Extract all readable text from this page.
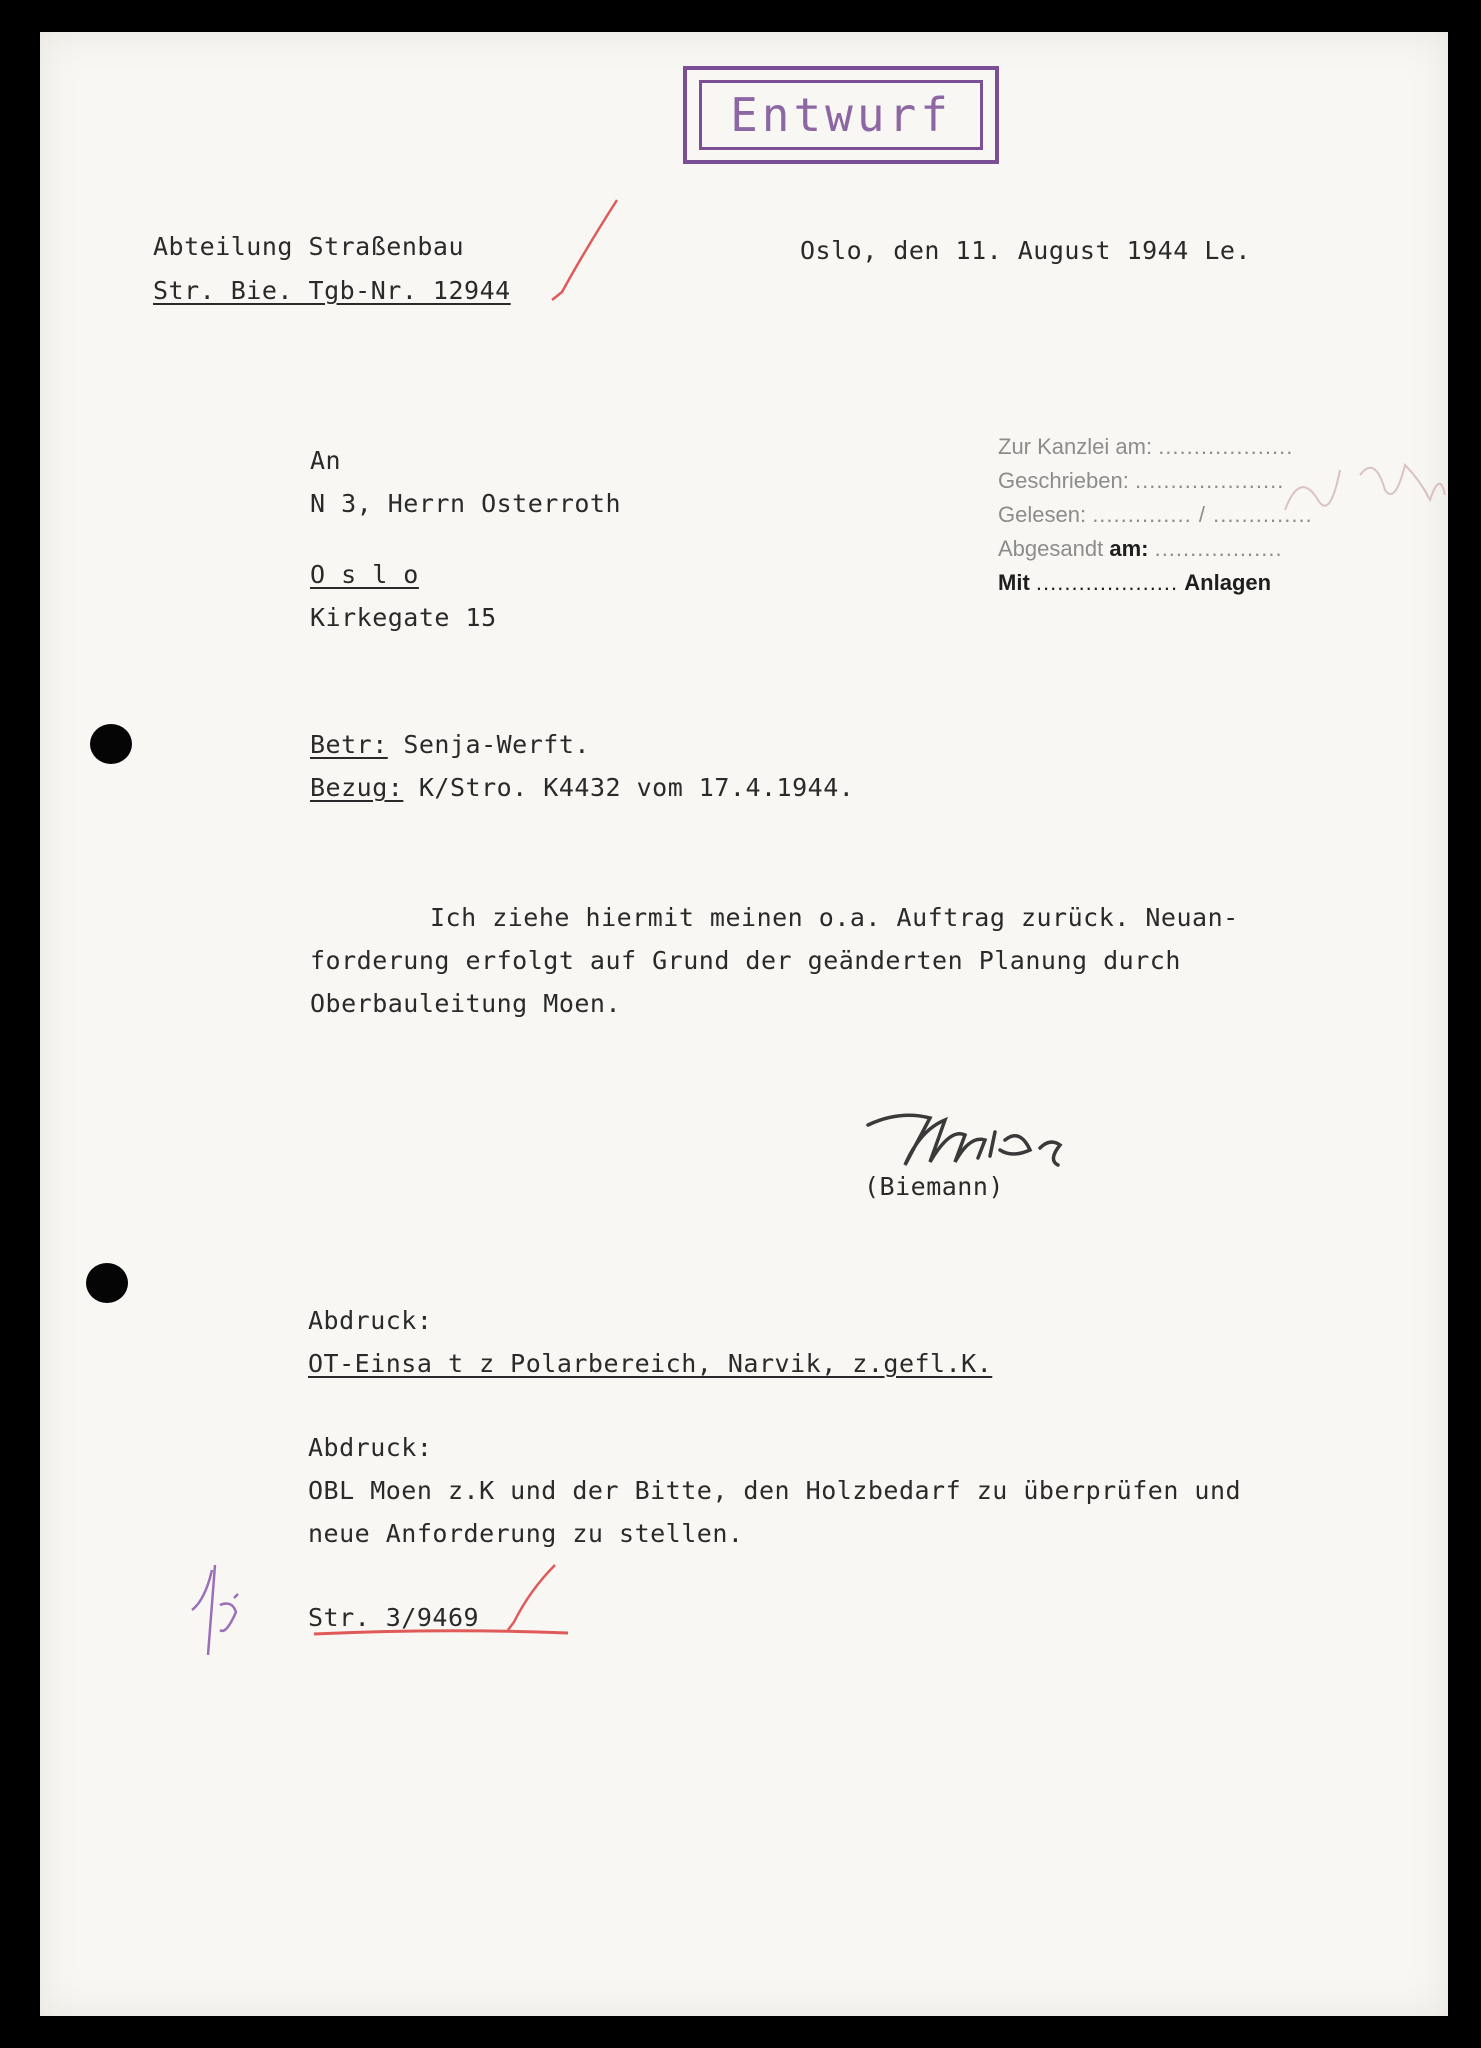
Entwurf
Abteilung Straßenbau
Str. Bie. Tgb-Nr. 12944
Oslo, den 11. August 1944 Le.
An
N 3, Herrn Osterroth
O s l o
Kirkegate 15
Zur Kanzlei am: ...................
Geschrieben: .....................
Gelesen: .............. / ..............
Abgesandt am: ..................
Mit .................... Anlagen
Betr: Senja-Werft.
Bezug: K/Stro. K4432 vom 17.4.1944.
Ich ziehe hiermit meinen o.a. Auftrag zurück. Neuan-
forderung erfolgt auf Grund der geänderten Planung durch
Oberbauleitung Moen.
(Biemann)
Abdruck:
OT-Einsa t z Polarbereich, Narvik, z.gefl.K.
Abdruck:
OBL Moen z.K und der Bitte, den Holzbedarf zu überprüfen und
neue Anforderung zu stellen.
Str. 3/9469
